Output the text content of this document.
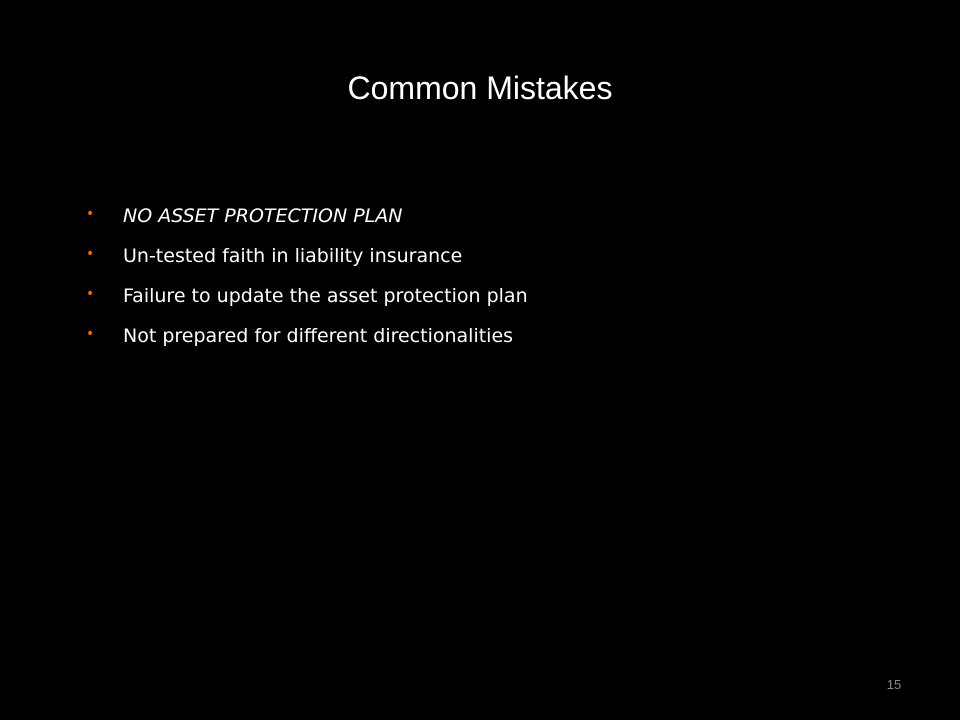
Common Mistakes
•	NO ASSET PROTECTION PLAN
•	Un-tested faith in liability insurance
•	Failure to update the asset protection plan
•	Not prepared for different directionalities
15
